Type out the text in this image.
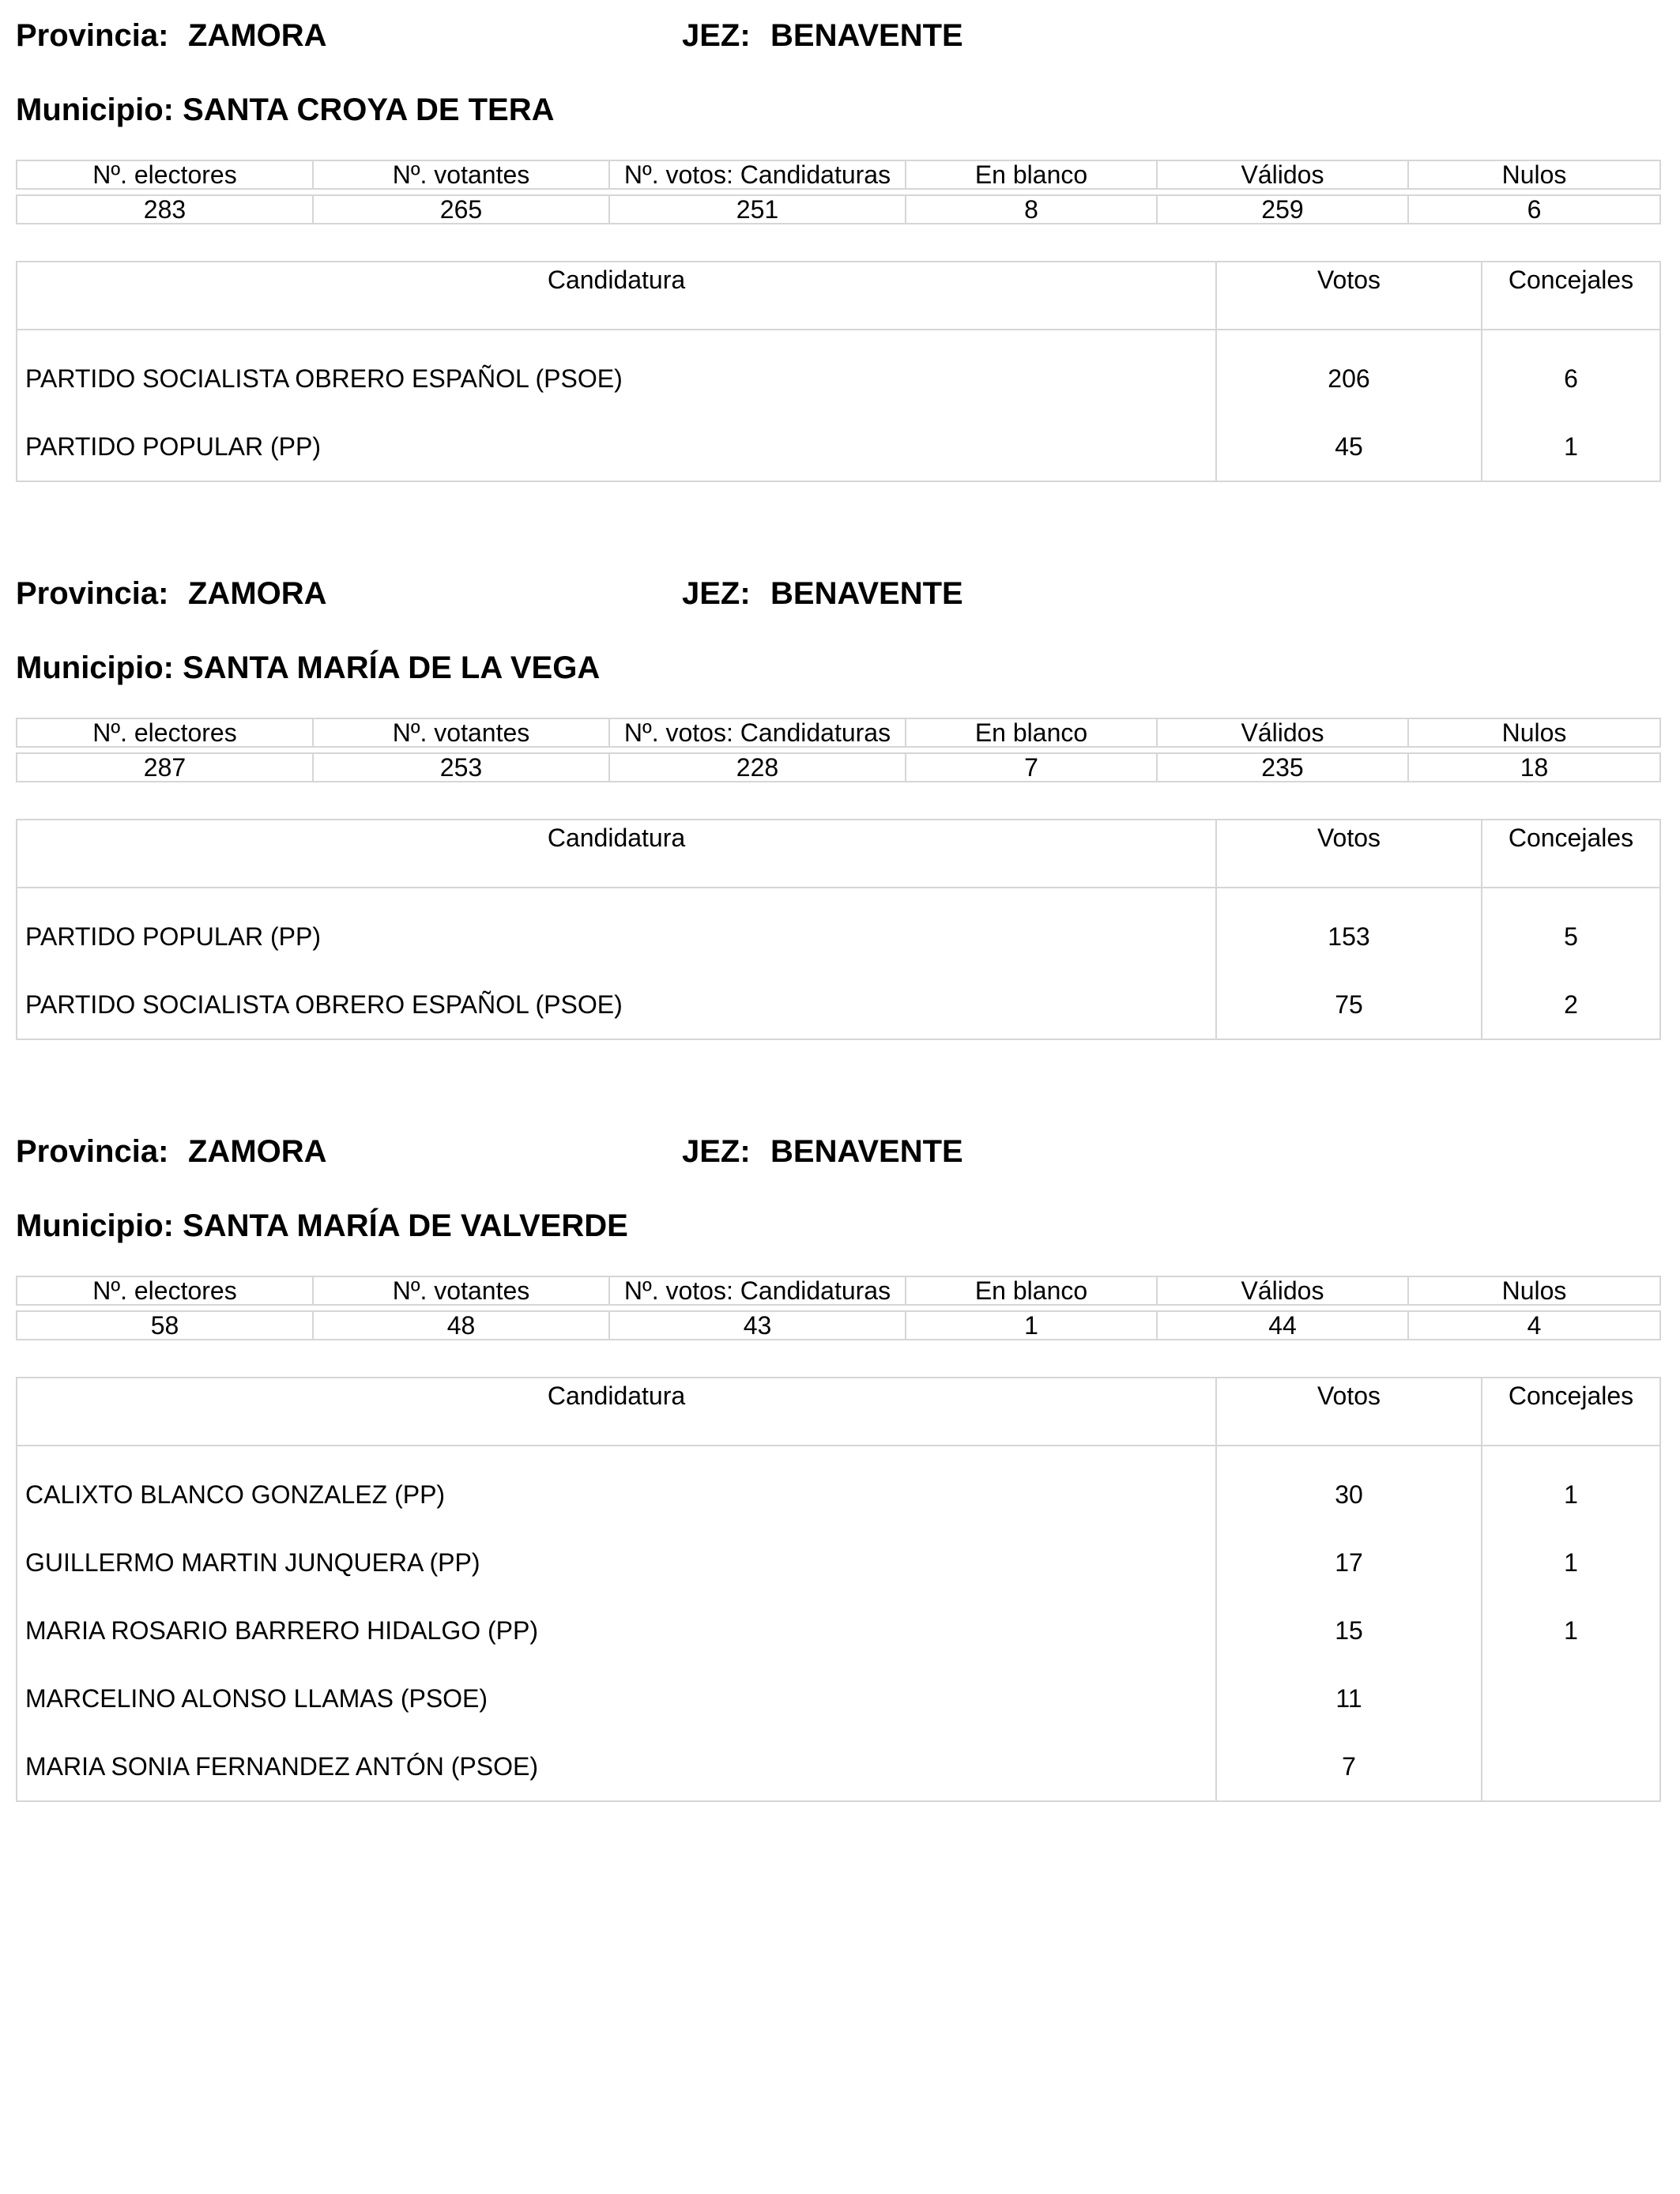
Provincia: ZAMORA	JEZ: BENAVENTE
Municipio: SANTA CROYA DE TERA
Nº. electores	Nº. votantes	Nº. votos: Candidaturas	En blanco	Válidos	Nulos

283	265	251	8	259	6
Candidatura	Votos	Concejales
PARTIDO SOCIALISTA OBRERO ESPAÑOL (PSOE)	206	6
PARTIDO POPULAR (PP)	45	1
Provincia: ZAMORA	JEZ: BENAVENTE
Municipio: SANTA MARÍA DE LA VEGA
Nº. electores	Nº. votantes	Nº. votos: Candidaturas	En blanco	Válidos	Nulos

287	253	228	7	235	18
Candidatura	Votos	Concejales
PARTIDO POPULAR (PP)	153	5
PARTIDO SOCIALISTA OBRERO ESPAÑOL (PSOE)	75	2
Provincia: ZAMORA	JEZ: BENAVENTE
Municipio: SANTA MARÍA DE VALVERDE
Nº. electores	Nº. votantes	Nº. votos: Candidaturas	En blanco	Válidos	Nulos

58	48	43	1	44	4
Candidatura	Votos	Concejales
CALIXTO BLANCO GONZALEZ (PP)	30	1
GUILLERMO MARTIN JUNQUERA (PP)	17	1
MARIA ROSARIO BARRERO HIDALGO (PP)	15	1
MARCELINO ALONSO LLAMAS (PSOE)	11	
MARIA SONIA FERNANDEZ ANTÓN (PSOE)	7	
